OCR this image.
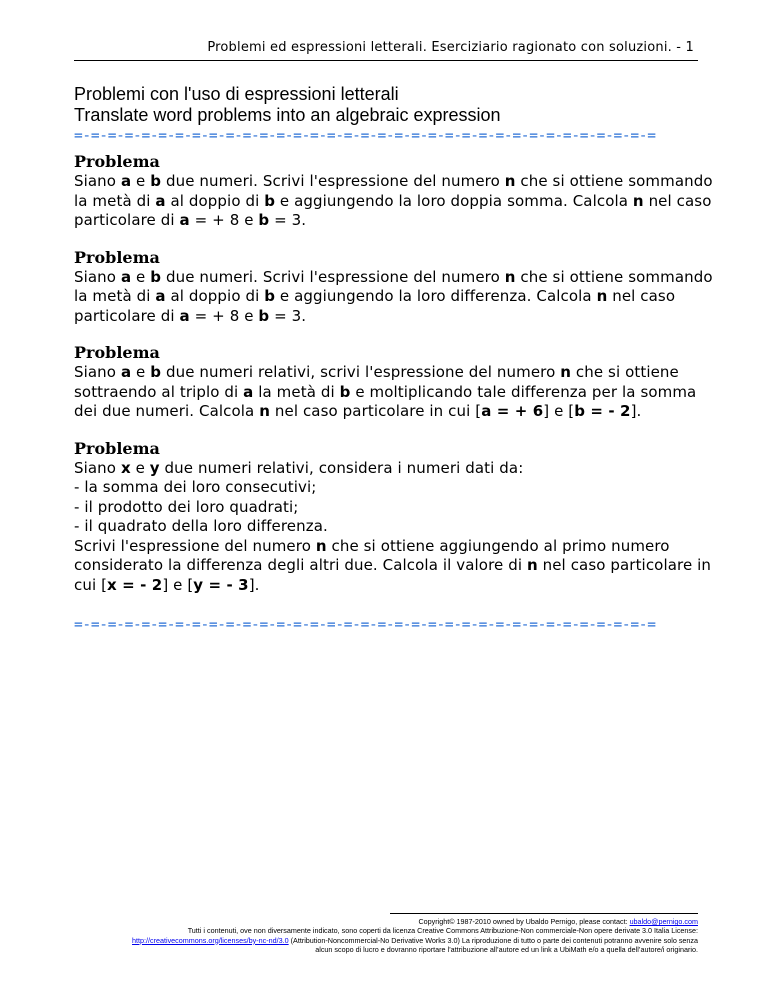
Problemi ed espressioni letterali. Eserciziario ragionato con soluzioni. - 1
Problemi con l'uso di espressioni letterali
Translate word problems into an algebraic expression
=-=-=-=-=-=-=-=-=-=-=-=-=-=-=-=-=-=-=-=-=-=-=-=-=-=-=-=-=-=-=-=-=-=-=
Problema
Siano a e b due numeri. Scrivi l'espressione del numero n che si ottiene sommando la metà di a al doppio di b e aggiungendo la loro doppia somma. Calcola n nel caso particolare di a = + 8 e b = 3.
Problema
Siano a e b due numeri. Scrivi l'espressione del numero n che si ottiene sommando la metà di a al doppio di b e aggiungendo la loro differenza. Calcola n nel caso particolare di a = + 8 e b = 3.
Problema
Siano a e b due numeri relativi, scrivi l'espressione del numero n che si ottiene sottraendo al triplo di a la metà di b e moltiplicando tale differenza per la somma dei due numeri. Calcola n nel caso particolare in cui [a = + 6] e [b = - 2].
Problema
Siano x e y due numeri relativi, considera i numeri dati da:
- la somma dei loro consecutivi;
- il prodotto dei loro quadrati;
- il quadrato della loro differenza.
Scrivi l'espressione del numero n che si ottiene aggiungendo al primo numero considerato la differenza degli altri due. Calcola il valore di n nel caso particolare in cui [x = - 2] e [y = - 3].
=-=-=-=-=-=-=-=-=-=-=-=-=-=-=-=-=-=-=-=-=-=-=-=-=-=-=-=-=-=-=-=-=-=-=
Copyright© 1987-2010 owned by Ubaldo Pernigo, please contact: ubaldo@pernigo.com
Tutti i contenuti, ove non diversamente indicato, sono coperti da licenza Creative Commons Attribuzione-Non commerciale-Non opere derivate 3.0 Italia License:
http://creativecommons.org/licenses/by-nc-nd/3.0 (Attribution-Noncommercial-No Derivative Works 3.0) La riproduzione di tutto o parte dei contenuti potranno avvenire solo senza
alcun scopo di lucro e dovranno riportare l’attribuzione all’autore ed un link a UbiMath e/o a quella dell’autore/i originario.
